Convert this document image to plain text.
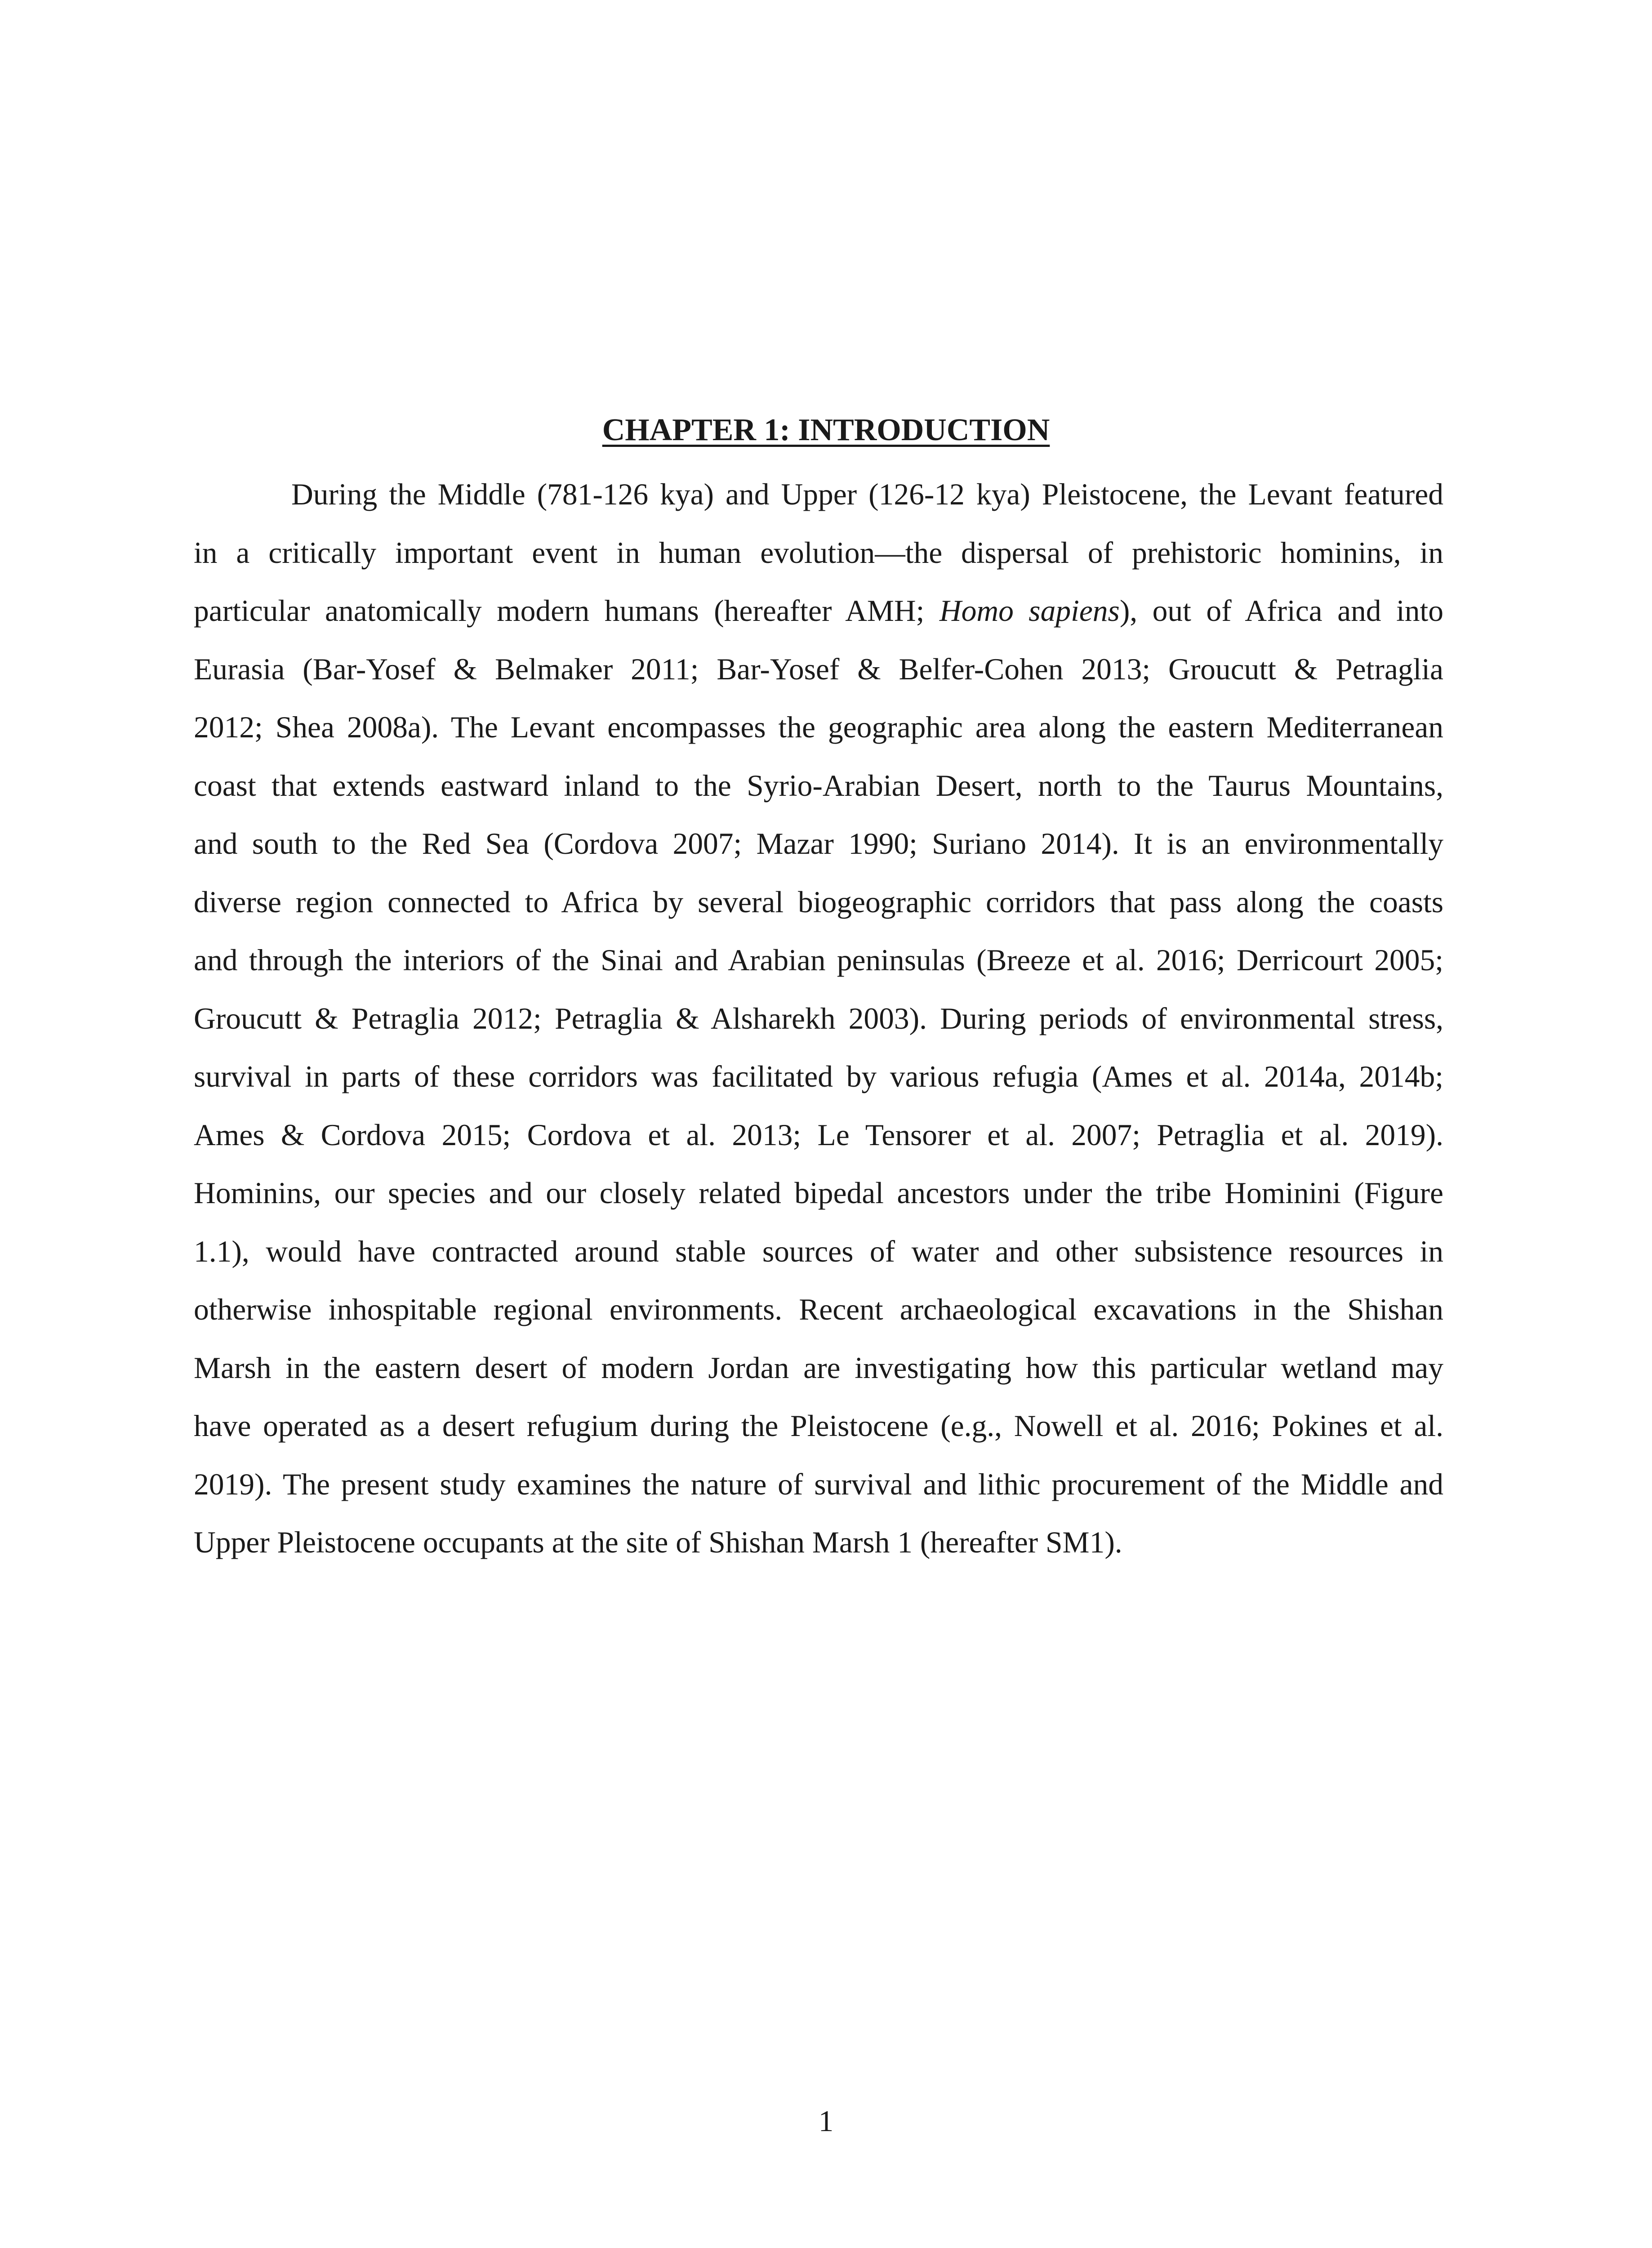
CHAPTER 1: INTRODUCTION
During the Middle (781-126 kya) and Upper (126-12 kya) Pleistocene, the Levant featured
in a critically important event in human evolution—the dispersal of prehistoric hominins, in
particular anatomically modern humans (hereafter AMH; Homo sapiens), out of Africa and into
Eurasia (Bar-Yosef & Belmaker 2011; Bar-Yosef & Belfer-Cohen 2013; Groucutt & Petraglia
2012; Shea 2008a). The Levant encompasses the geographic area along the eastern Mediterranean
coast that extends eastward inland to the Syrio-Arabian Desert, north to the Taurus Mountains,
and south to the Red Sea (Cordova 2007; Mazar 1990; Suriano 2014). It is an environmentally
diverse region connected to Africa by several biogeographic corridors that pass along the coasts
and through the interiors of the Sinai and Arabian peninsulas (Breeze et al. 2016; Derricourt 2005;
Groucutt & Petraglia 2012; Petraglia & Alsharekh 2003). During periods of environmental stress,
survival in parts of these corridors was facilitated by various refugia (Ames et al. 2014a, 2014b;
Ames & Cordova 2015; Cordova et al. 2013; Le Tensorer et al. 2007; Petraglia et al. 2019).
Hominins, our species and our closely related bipedal ancestors under the tribe Hominini (Figure
1.1), would have contracted around stable sources of water and other subsistence resources in
otherwise inhospitable regional environments. Recent archaeological excavations in the Shishan
Marsh in the eastern desert of modern Jordan are investigating how this particular wetland may
have operated as a desert refugium during the Pleistocene (e.g., Nowell et al. 2016; Pokines et al.
2019). The present study examines the nature of survival and lithic procurement of the Middle and
Upper Pleistocene occupants at the site of Shishan Marsh 1 (hereafter SM1).
1
